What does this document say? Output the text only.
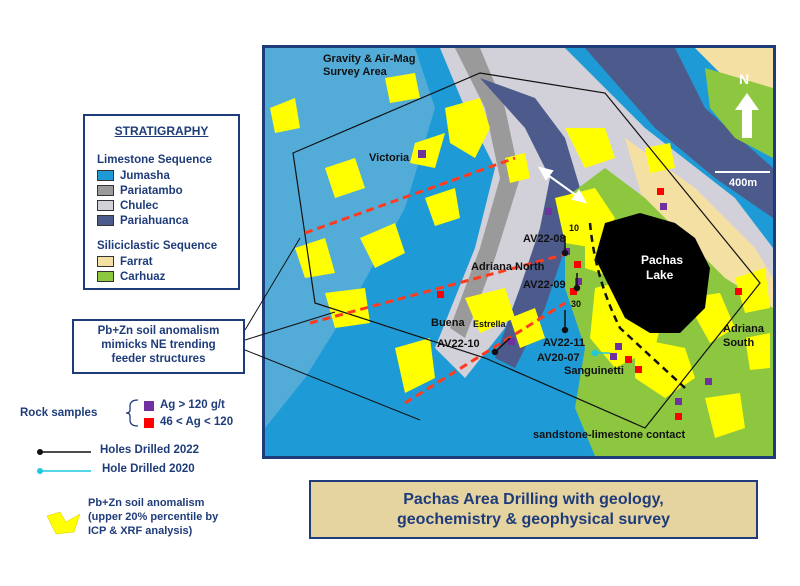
Gravity & Air-Mag
Survey Area
Victoria
AV22-08
Adriana North
AV22-09
Pachas
Lake
Buena Estrella
AV22-10	AV22-11
AV20-07
Sanguinetti
Adriana
South
sandstone-limestone contact
10
30
N
400m
STRATIGRAPHY
Limestone Sequence
Jumasha
Pariatambo
Chulec
Pariahuanca
Siliciclastic Sequence
Farrat
Carhuaz
Pb+Zn soil anomalism
mimicks NE trending
feeder structures
Rock samples
Ag > 120 g/t
46 < Ag < 120
Holes Drilled 2022
Hole Drilled 2020
Pb+Zn soil anomalism
(upper 20% percentile by
ICP & XRF analysis)
Pachas Area Drilling with geology,
geochemistry & geophysical survey
